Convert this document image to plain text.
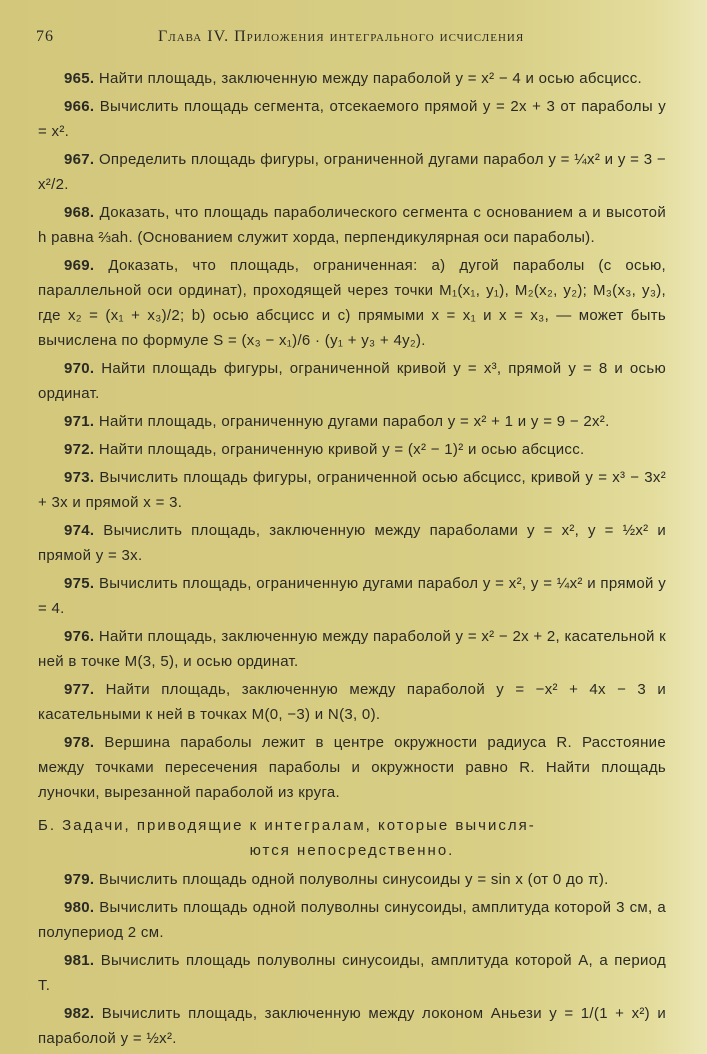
76	Глава IV. Приложения интегрального исчисления

965. Найти площадь, заключенную между параболой y = x² − 4 и осью абсцисс.

966. Вычислить площадь сегмента, отсекаемого прямой y = 2x + 3 от параболы y = x².

967. Определить площадь фигуры, ограниченной дугами парабол y = ¼x² и y = 3 − x²/2.

968. Доказать, что площадь параболического сегмента с основанием a и высотой h равна ⅔ah. (Основанием служит хорда, перпендикулярная оси параболы).

969. Доказать, что площадь, ограниченная: а) дугой параболы (с осью, параллельной оси ординат), проходящей через точки M₁(x₁, y₁), M₂(x₂, y₂); M₃(x₃, y₃), где x₂ = (x₁ + x₃)/2; b) осью абсцисс и c) прямыми x = x₁ и x = x₃, — может быть вычислена по формуле S = (x₃ − x₁)/6 · (y₁ + y₃ + 4y₂).

970. Найти площадь фигуры, ограниченной кривой y = x³, прямой y = 8 и осью ординат.

971. Найти площадь, ограниченную дугами парабол y = x² + 1 и y = 9 − 2x².

972. Найти площадь, ограниченную кривой y = (x² − 1)² и осью абсцисс.

973. Вычислить площадь фигуры, ограниченной осью абсцисс, кривой y = x³ − 3x² + 3x и прямой x = 3.

974. Вычислить площадь, заключенную между параболами y = x², y = ½x² и прямой y = 3x.

975. Вычислить площадь, ограниченную дугами парабол y = x², y = ¼x² и прямой y = 4.

976. Найти площадь, заключенную между параболой y = x² − 2x + 2, касательной к ней в точке M(3, 5), и осью ординат.

977. Найти площадь, заключенную между параболой y = −x² + 4x − 3 и касательными к ней в точках M(0, −3) и N(3, 0).

978. Вершина параболы лежит в центре окружности радиуса R. Расстояние между точками пересечения параболы и окружности равно R. Найти площадь луночки, вырезанной параболой из круга.

Б. Задачи, приводящие к интегралам, которые вычисля-
ются непосредственно.

979. Вычислить площадь одной полуволны синусоиды y = sin x (от 0 до π).

980. Вычислить площадь одной полуволны синусоиды, амплитуда которой 3 см, а полупериод 2 см.

981. Вычислить площадь полуволны синусоиды, амплитуда которой A, а период T.

982. Вычислить площадь, заключенную между локоном Аньези y = 1/(1 + x²) и параболой y = ½x².
